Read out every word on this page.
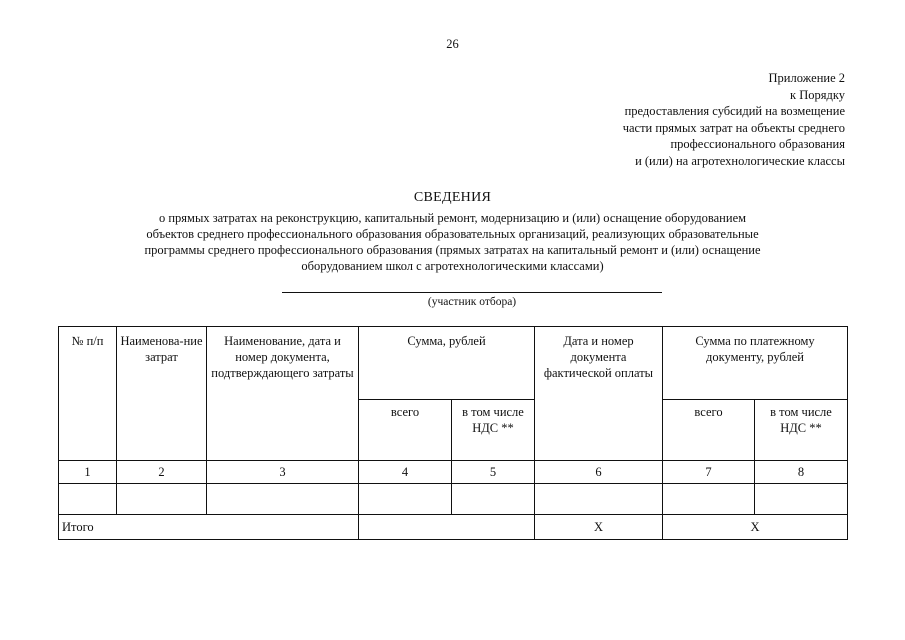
26
Приложение 2
к Порядку
предоставления субсидий на возмещение
части прямых затрат на объекты среднего
профессионального образования
и (или) на агротехнологические классы
СВЕДЕНИЯ
о прямых затратах на реконструкцию, капитальный ремонт, модернизацию и (или) оснащение оборудованием
объектов среднего профессионального образования образовательных организаций, реализующих образовательные
программы среднего профессионального образования (прямых затратах на капитальный ремонт и (или) оснащение
оборудованием школ с агротехнологическими классами)
(участник отбора)
№ п/п	Наименова-ние затрат	Наименование, дата и номер документа, подтверждающего затраты	Сумма, рублей		Дата и номер документа фактической оплаты	Сумма по платежному документу, рублей	
			всего	в том числе НДС **		всего	в том числе НДС **
1	2	3	4	5	6	7	8

Итого					Х	Х	
